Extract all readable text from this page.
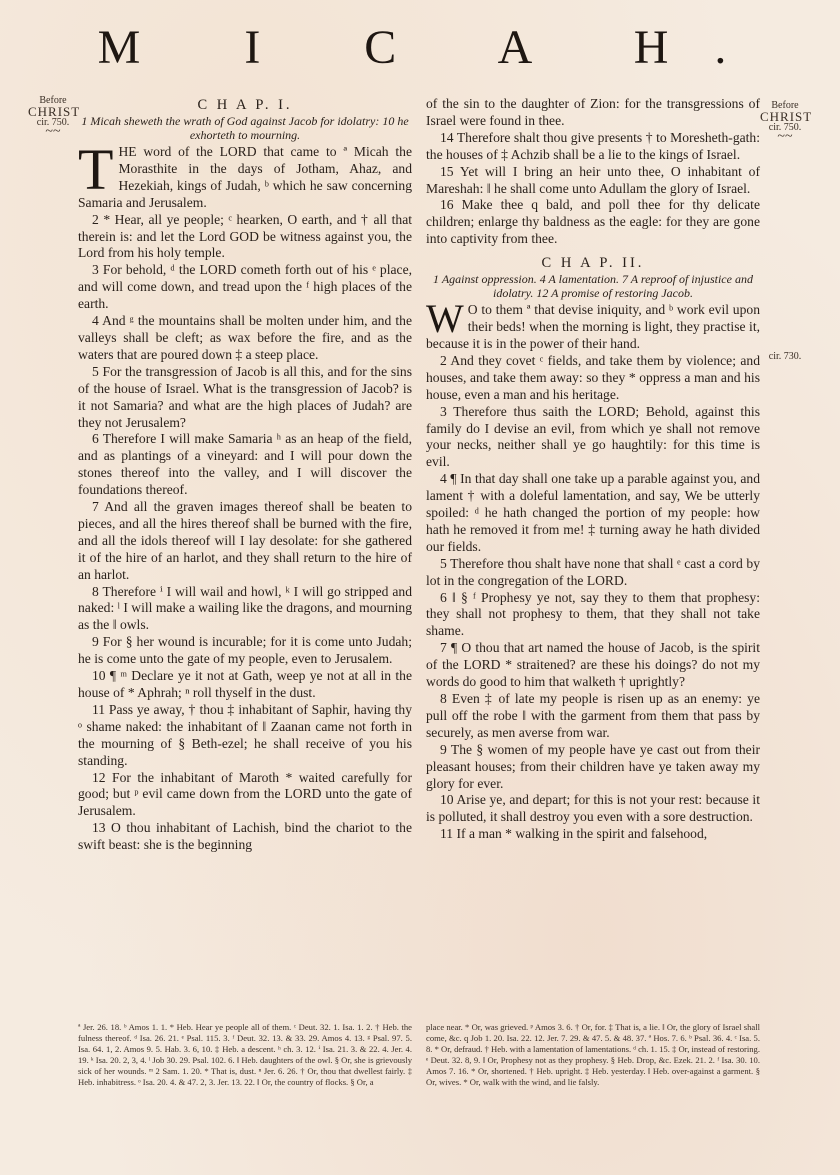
M I C A H.
Before
CHRIST
cir. 750.
~~
Before
CHRIST
cir. 750.
~~
cir. 730.

C H A P. I.

1 Micah sheweth the wrath of God against Jacob for idolatry: 10 he exhorteth to mourning.

THE word of the LORD that came to ª Micah the Morasthite in the days of Jotham, Ahaz, and Hezekiah, kings of Judah, ᵇ which he saw concerning Samaria and Jerusalem.

2 * Hear, all ye people; ᶜ hearken, O earth, and † all that therein is: and let the Lord GOD be witness against you, the Lord from his holy temple.

3 For behold, ᵈ the LORD cometh forth out of his ᵉ place, and will come down, and tread upon the ᶠ high places of the earth.

4 And ᵍ the mountains shall be molten under him, and the valleys shall be cleft; as wax before the fire, and as the waters that are poured down ‡ a steep place.

5 For the transgression of Jacob is all this, and for the sins of the house of Israel. What is the transgression of Jacob? is it not Samaria? and what are the high places of Judah? are they not Jerusalem?

6 Therefore I will make Samaria ʰ as an heap of the field, and as plantings of a vineyard: and I will pour down the stones thereof into the valley, and I will discover the foundations thereof.

7 And all the graven images thereof shall be beaten to pieces, and all the hires thereof shall be burned with the fire, and all the idols thereof will I lay desolate: for she gathered it of the hire of an harlot, and they shall return to the hire of an harlot.

8 Therefore ⁱ I will wail and howl, ᵏ I will go stripped and naked: ˡ I will make a wailing like the dragons, and mourning as the ‖ owls.

9 For § her wound is incurable; for it is come unto Judah; he is come unto the gate of my people, even to Jerusalem.

10 ¶ ᵐ Declare ye it not at Gath, weep ye not at all in the house of * Aphrah; ⁿ roll thyself in the dust.

11 Pass ye away, † thou ‡ inhabitant of Saphir, having thy ᵒ shame naked: the inhabitant of ‖ Zaanan came not forth in the mourning of § Beth-ezel; he shall receive of you his standing.

12 For the inhabitant of Maroth * waited carefully for good; but ᵖ evil came down from the LORD unto the gate of Jerusalem.

13 O thou inhabitant of Lachish, bind the chariot to the swift beast: she is the beginning

of the sin to the daughter of Zion: for the transgressions of Israel were found in thee.

14 Therefore shalt thou give presents † to Moresheth-gath: the houses of ‡ Achzib shall be a lie to the kings of Israel.

15 Yet will I bring an heir unto thee, O inhabitant of Mareshah: ‖ he shall come unto Adullam the glory of Israel.

16 Make thee q bald, and poll thee for thy delicate children; enlarge thy baldness as the eagle: for they are gone into captivity from thee.

C H A P. II.

1 Against oppression. 4 A lamentation. 7 A reproof of injustice and idolatry. 12 A promise of restoring Jacob.

W O to them ª that devise iniquity, and ᵇ work evil upon their beds! when the morning is light, they practise it, because it is in the power of their hand.

2 And they covet ᶜ fields, and take them by violence; and houses, and take them away: so they * oppress a man and his house, even a man and his heritage.

3 Therefore thus saith the LORD; Behold, against this family do I devise an evil, from which ye shall not remove your necks, neither shall ye go haughtily: for this time is evil.

4 ¶ In that day shall one take up a parable against you, and lament † with a doleful lamentation, and say, We be utterly spoiled: ᵈ he hath changed the portion of my people: how hath he removed it from me! ‡ turning away he hath divided our fields.

5 Therefore thou shalt have none that shall ᵉ cast a cord by lot in the congregation of the LORD.

6 ‖ § ᶠ Prophesy ye not, say they to them that prophesy: they shall not prophesy to them, that they shall not take shame.

7 ¶ O thou that art named the house of Jacob, is the spirit of the LORD * straitened? are these his doings? do not my words do good to him that walketh † uprightly?

8 Even ‡ of late my people is risen up as an enemy: ye pull off the robe ‖ with the garment from them that pass by securely, as men averse from war.

9 The § women of my people have ye cast out from their pleasant houses; from their children have ye taken away my glory for ever.

10 Arise ye, and depart; for this is not your rest: because it is polluted, it shall destroy you even with a sore destruction.

11 If a man * walking in the spirit and falsehood,

ª Jer. 26. 18. ᵇ Amos 1. 1. * Heb. Hear ye people all of them. ᶜ Deut. 32. 1. Isa. 1. 2. † Heb. the fulness thereof. ᵈ Isa. 26. 21. ᵉ Psal. 115. 3. ᶠ Deut. 32. 13. & 33. 29. Amos 4. 13. ᵍ Psal. 97. 5. Isa. 64. 1, 2. Amos 9. 5. Hab. 3. 6, 10. ‡ Heb. a descent. ʰ ch. 3. 12. ⁱ Isa. 21. 3. & 22. 4. Jer. 4. 19. ᵏ Isa. 20. 2, 3, 4. ˡ Job 30. 29. Psal. 102. 6. ‖ Heb. daughters of the owl. § Or, she is grievously sick of her wounds. ᵐ 2 Sam. 1. 20. * That is, dust. ⁿ Jer. 6. 26. † Or, thou that dwellest fairly. ‡ Heb. inhabitress. ᵒ Isa. 20. 4. & 47. 2, 3. Jer. 13. 22. ‖ Or, the country of flocks. § Or, a
place near. * Or, was grieved. ᵖ Amos 3. 6. † Or, for. ‡ That is, a lie. ‖ Or, the glory of Israel shall come, &c. q Job 1. 20. Isa. 22. 12. Jer. 7. 29. & 47. 5. & 48. 37. ª Hos. 7. 6. ᵇ Psal. 36. 4. ᶜ Isa. 5. 8. * Or, defraud. † Heb. with a lamentation of lamentations. ᵈ ch. 1. 15. ‡ Or, instead of restoring. ᵉ Deut. 32. 8, 9. ‖ Or, Prophesy not as they prophesy. § Heb. Drop, &c. Ezek. 21. 2. ᶠ Isa. 30. 10. Amos 7. 16. * Or, shortened. † Heb. upright. ‡ Heb. yesterday. ‖ Heb. over-against a garment. § Or, wives. * Or, walk with the wind, and lie falsly.
